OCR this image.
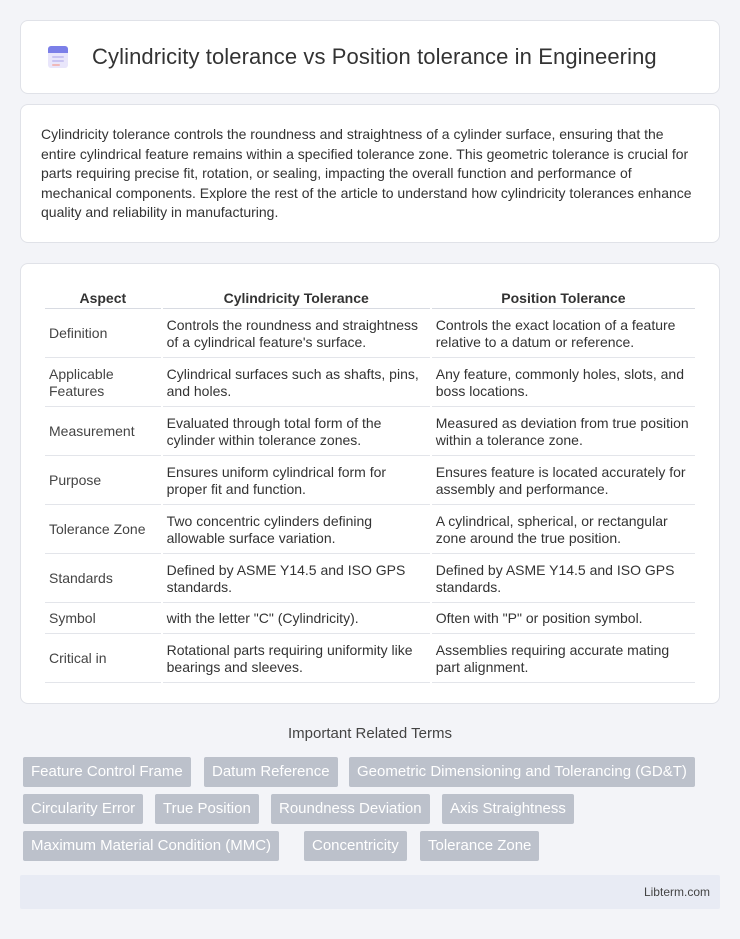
Cylindricity tolerance vs Position tolerance in Engineering

Cylindricity tolerance controls the roundness and straightness of a cylinder surface, ensuring that the entire cylindrical feature remains within a specified tolerance zone. This geometric tolerance is crucial for parts requiring precise fit, rotation, or sealing, impacting the overall function and performance of mechanical components. Explore the rest of the article to understand how cylindricity tolerances enhance quality and reliability in manufacturing.

Aspect	Cylindricity Tolerance	Position Tolerance
Definition	Controls the roundness and straightness of a cylindrical feature's surface.	Controls the exact location of a feature relative to a datum or reference.
Applicable Features	Cylindrical surfaces such as shafts, pins, and holes.	Any feature, commonly holes, slots, and boss locations.
Measurement	Evaluated through total form of the cylinder within tolerance zones.	Measured as deviation from true position within a tolerance zone.
Purpose	Ensures uniform cylindrical form for proper fit and function.	Ensures feature is located accurately for assembly and performance.
Tolerance Zone	Two concentric cylinders defining allowable surface variation.	A cylindrical, spherical, or rectangular zone around the true position.
Standards	Defined by ASME Y14.5 and ISO GPS standards.	Defined by ASME Y14.5 and ISO GPS standards.
Symbol	with the letter "C" (Cylindricity).	Often with "P" or position symbol.
Critical in	Rotational parts requiring uniformity like bearings and sleeves.	Assemblies requiring accurate mating part alignment.
Important Related Terms
Feature Control Frame	Datum Reference	Geometric Dimensioning and Tolerancing (GD&T)
Circularity Error	True Position	Roundness Deviation	Axis Straightness
Maximum Material Condition (MMC)	Concentricity	Tolerance Zone
Libterm.com
